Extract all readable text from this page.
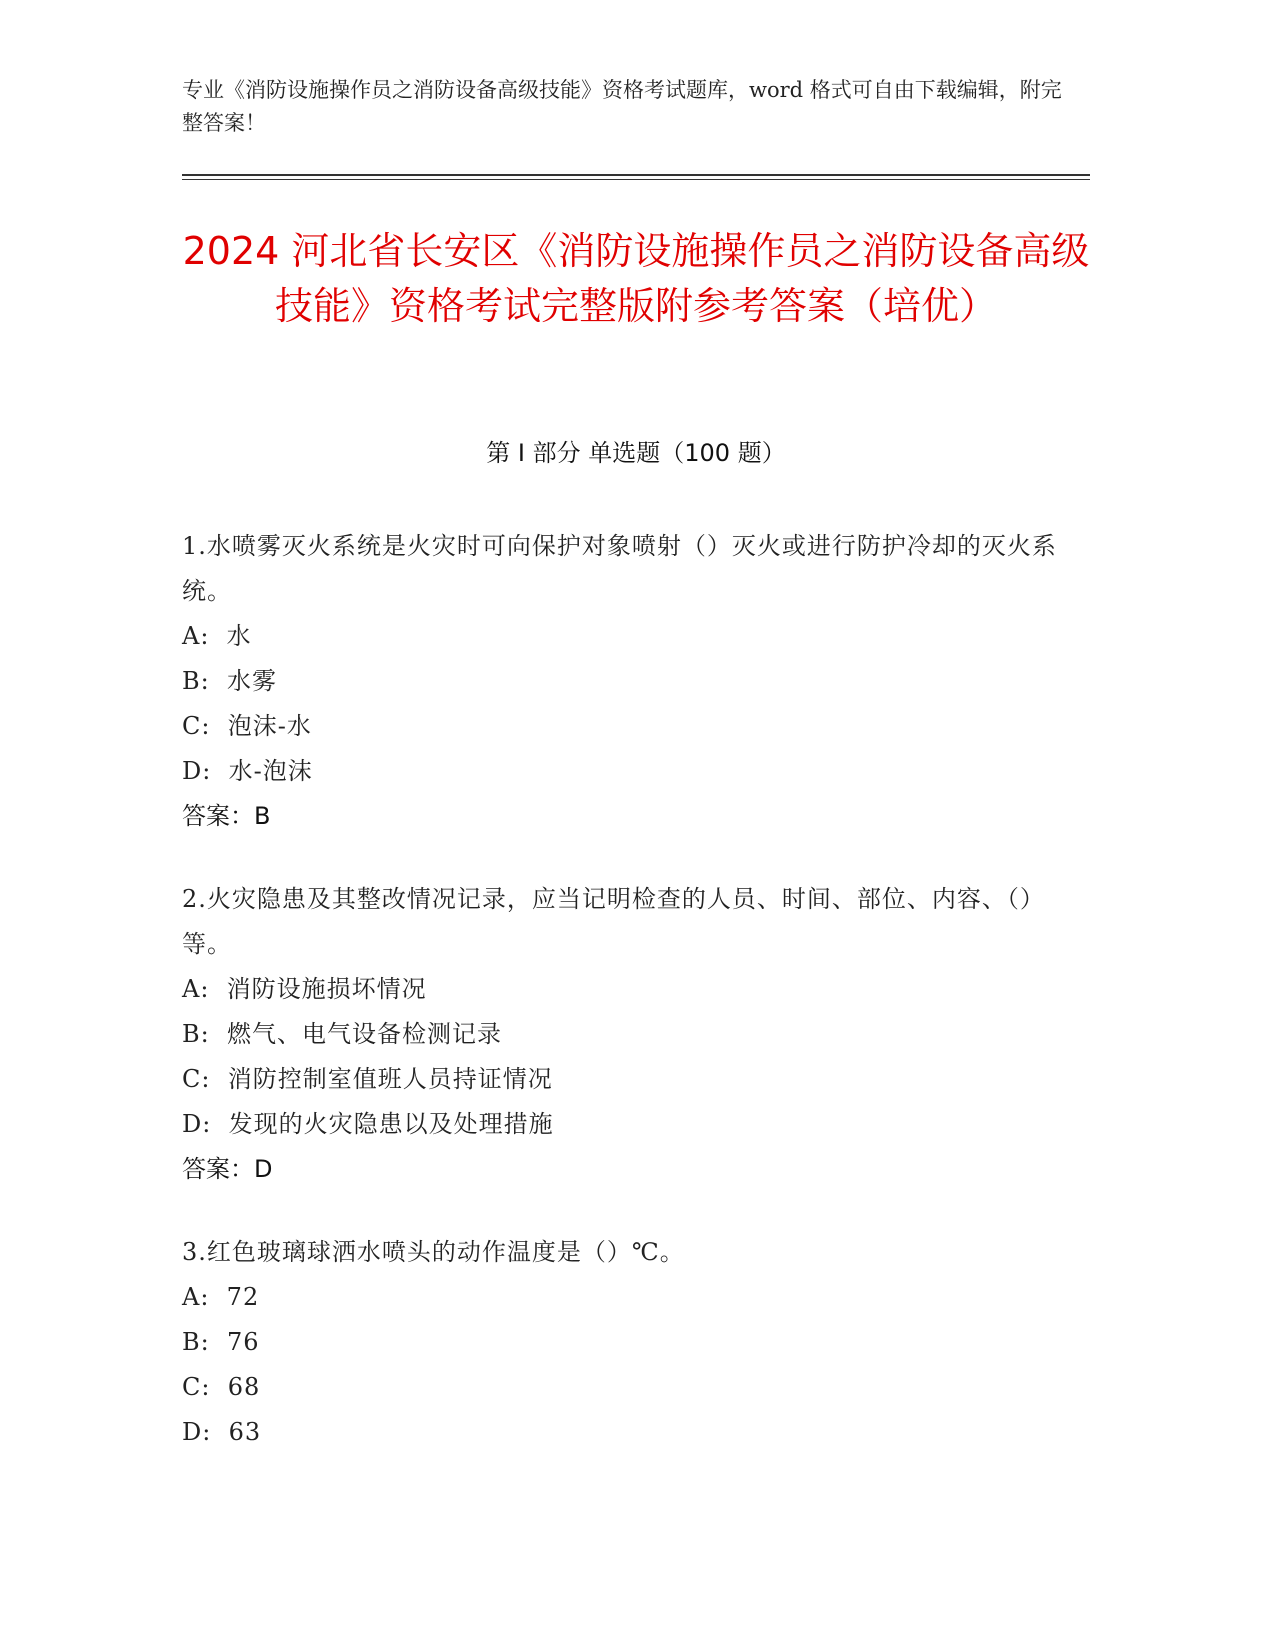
专业《消防设施操作员之消防设备高级技能》资格考试题库，word 格式可自由下载编辑，附完整答案！
2024 河北省长安区《消防设施操作员之消防设备高级技能》资格考试完整版附参考答案（培优）
第 I 部分 单选题（100 题）
1.水喷雾灭火系统是火灾时可向保护对象喷射（）灭火或进行防护冷却的灭火系统。
A:  水
B:  水雾
C:  泡沫-水
D:  水-泡沫
答案：B
2.火灾隐患及其整改情况记录，应当记明检查的人员、时间、部位、内容、（）等。
A:  消防设施损坏情况
B:  燃气、电气设备检测记录
C:  消防控制室值班人员持证情况
D:  发现的火灾隐患以及处理措施
答案：D
3.红色玻璃球洒水喷头的动作温度是（）℃。
A:  72
B:  76
C:  68
D:  63
